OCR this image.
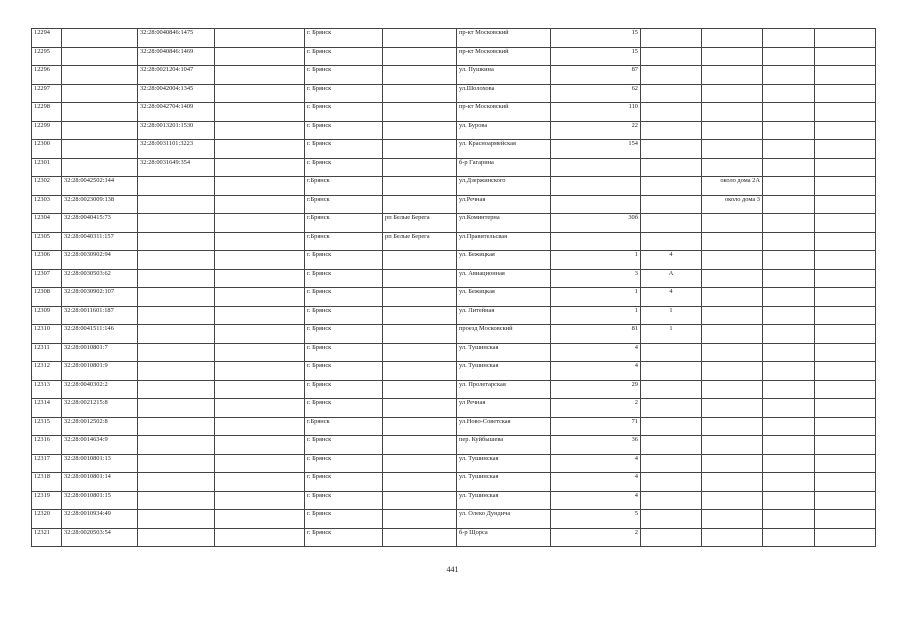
12294		32:28:0040846:1475		г. Брянск		пр-кт Московский	15				
12295		32:28:0040846:1469		г. Брянск		пр-кт Московский	15				
12296		32:28:0021204:1047		г. Брянск		ул. Пушкина	87				
12297		32:28:0042004:1345		г. Брянск		ул.Шолохова	62				
12298		32:28:0042704:1409		г. Брянск		пр-кт Московский	110				
12299		32:28:0013201:1530		г. Брянск		ул. Бурова	22				
12300		32:28:0031101:3223		г. Брянск		ул. Красноармейская	154				
12301		32:28:0031649:354		г. Брянск		б-р Гагарина					
12302	32:28:0042502:144			г.Брянск		ул.Дзержинского			около дома 2А		
12303	32:28:0023009:138			г.Брянск		ул.Речная			около дома 3		
12304	32:28:0040415:73			г.Брянск	рп Белые Берега	ул.Коминтерна	30б				
12305	32:28:0040311:157			г.Брянск	рп Белые Берега	ул.Правительсвая					
12306	32:28:0030902:94			г. Брянск		ул. Бежицкая	1	4			
12307	32:28:0030503:62			г. Брянск		ул. Авиационная	3	А			
12308	32:28:0030902:107			г. Брянск		ул. Бежицкая	1	4			
12309	32:28:0011601:187			г. Брянск		ул. Литейная	1	1			
12310	32:28:0041511:146			г. Брянск		проезд Московский	81	1			
12311	32:28:0010801:7			г. Брянск		ул. Тушинская	4				
12312	32:28:0010801:9			г. Брянск		ул. Тушинская	4				
12313	32:28:0040302:2			г. Брянск		ул. Пролетарская	29				
12314	32:28:0021215:8			г. Брянск		ул Речная	2				
12315	32:28:0012502:8			г.Брянск		ул.Ново-Советская	71				
12316	32:28:0014634:9			г. Брянск		пер. Куйбышева	36				
12317	32:28:0010801:13			г. Брянск		ул. Тушинская	4				
12318	32:28:0010801:14			г. Брянск		ул. Тушинская	4				
12319	32:28:0010801:15			г. Брянск		ул. Тушинская	4				
12320	32:28:0010934:49			г. Брянск		ул. Олеко Дундича	5				
12321	32:28:0020503:54			г. Брянск		б-р Щорса	2				
441
